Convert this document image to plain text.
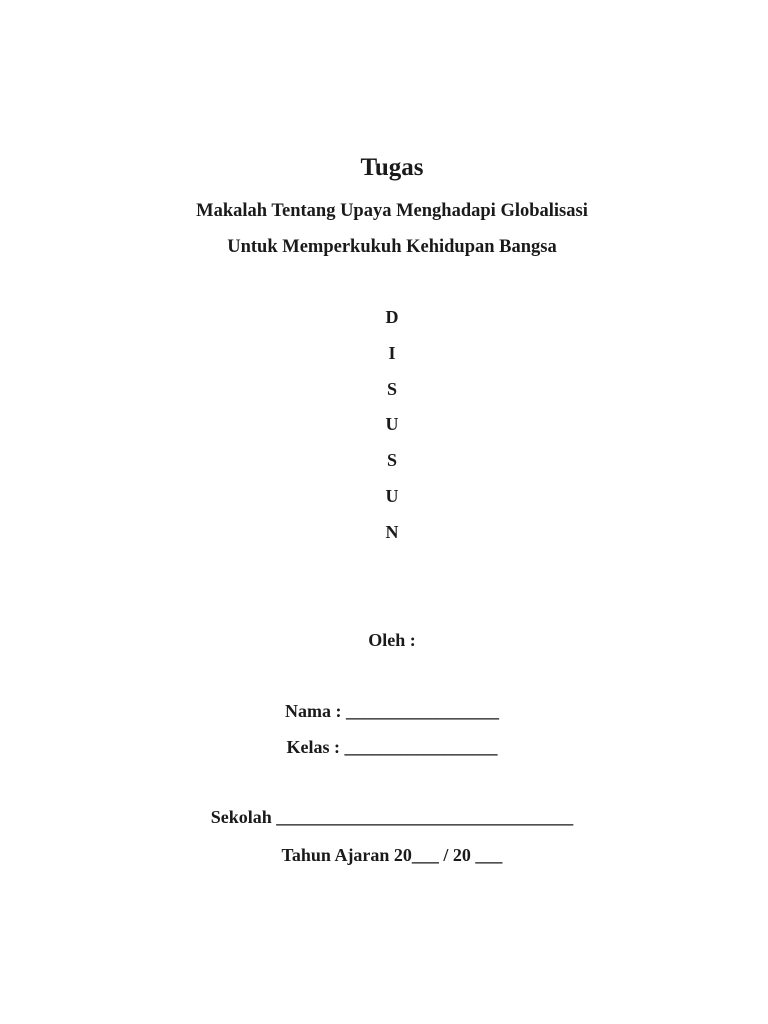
Tugas
Makalah Tentang Upaya Menghadapi Globalisasi
Untuk Memperkukuh Kehidupan Bangsa
D
I
S
U
S
U
N
Oleh :
Nama : _________________
Kelas : _________________
Sekolah _________________________________
Tahun Ajaran 20___ / 20 ___
